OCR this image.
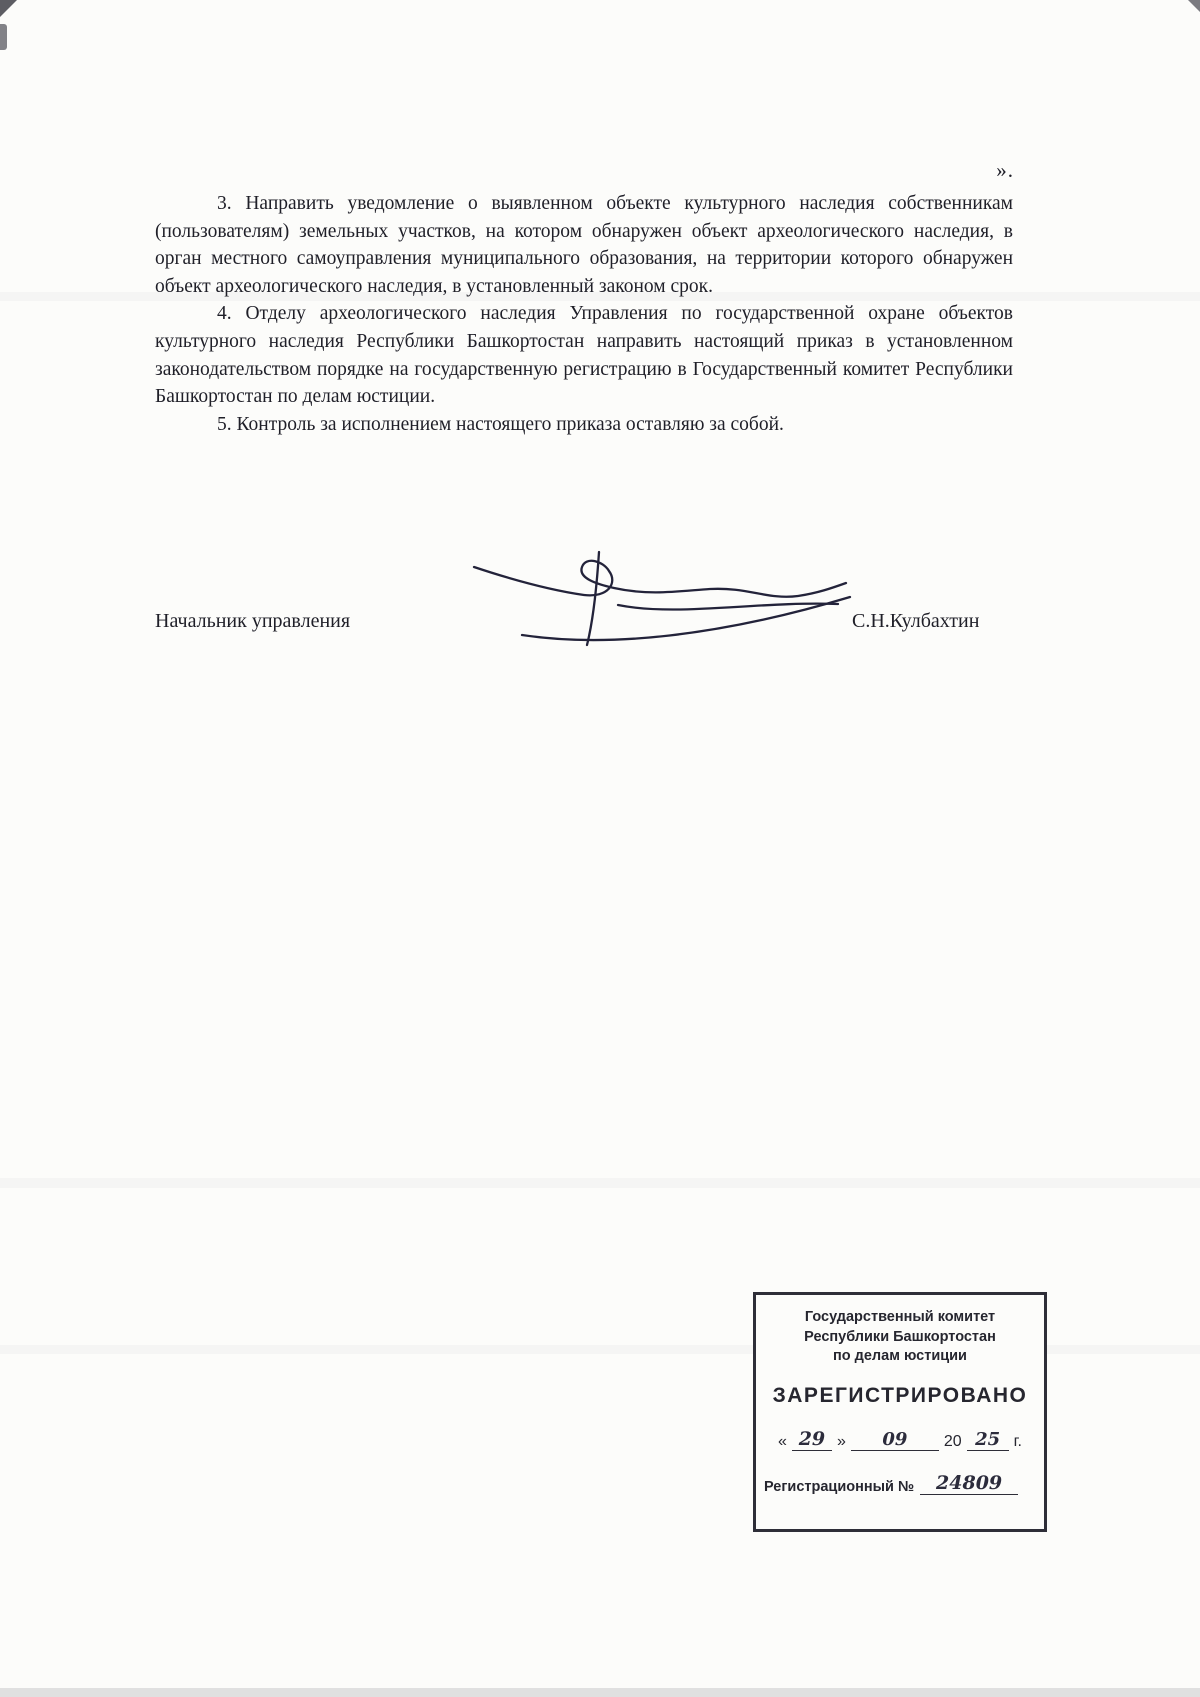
».

3. Направить уведомление о выявленном объекте культурного наследия собственникам (пользователям) земельных участков, на котором обнаружен объект археологического наследия, в орган местного самоуправления муниципального образования, на территории которого обнаружен объект археологического наследия, в установленный законом срок.

4. Отделу археологического наследия Управления по государственной охране объектов культурного наследия Республики Башкортостан направить настоящий приказ в установленном законодательством порядке на государственную регистрацию в Государственный комитет Республики Башкортостан по делам юстиции.

5. Контроль за исполнением настоящего приказа оставляю за собой.

Начальник управления	С.Н.Кулбахтин
Государственный комитет
Республики Башкортостан
по делам юстиции
ЗАРЕГИСТРИРОВАНО
« 29 »	09	20 25 г.
Регистрационный №	24809
